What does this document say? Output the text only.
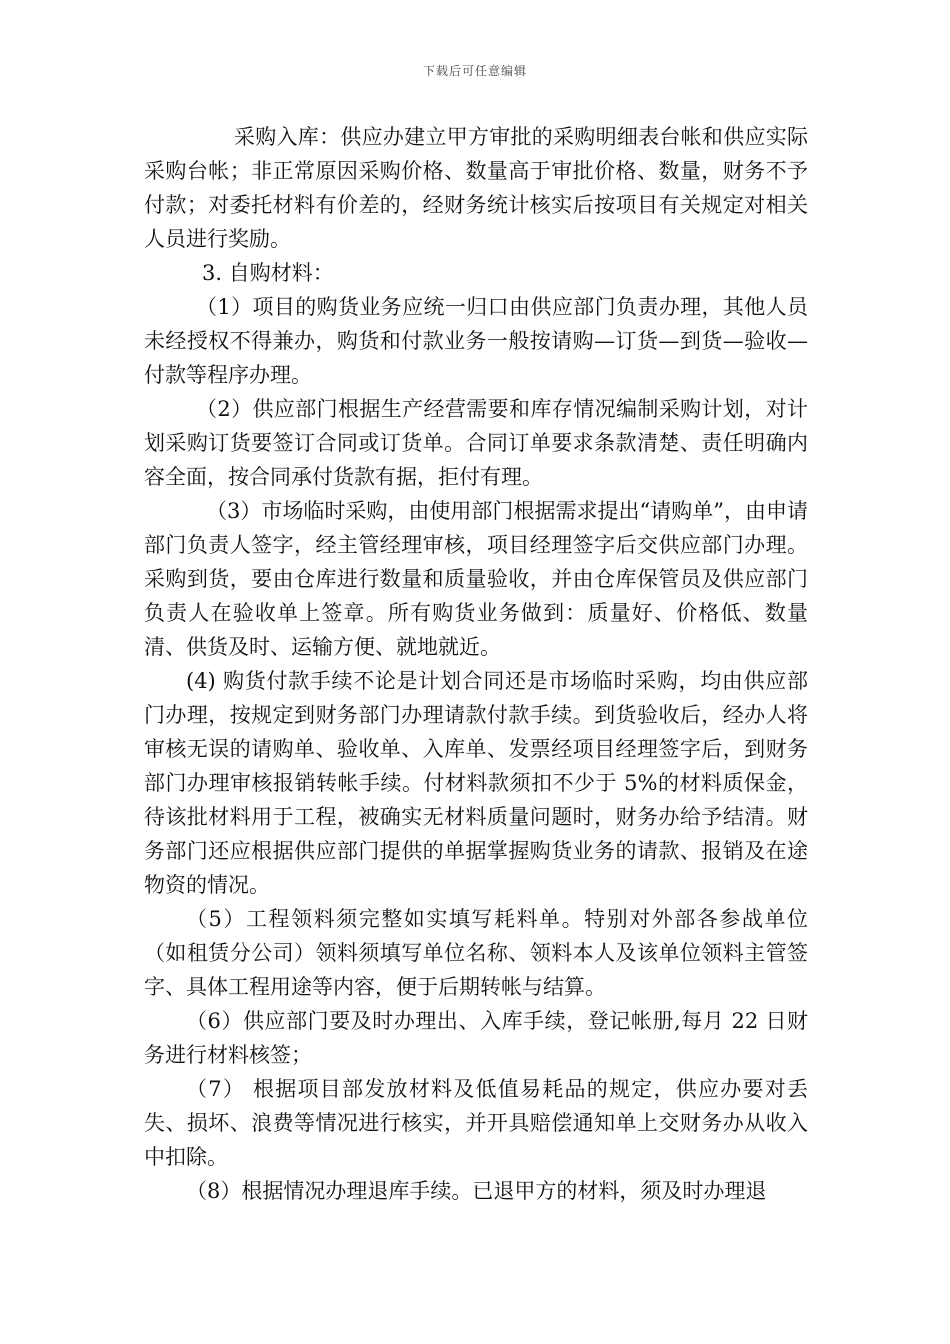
下载后可任意编辑

采购入库：供应办建立甲方审批的采购明细表台帐和供应实际采购台帐；非正常原因采购价格、数量高于审批价格、数量，财务不予付款；对委托材料有价差的，经财务统计核实后按项目有关规定对相关人员进行奖励。

3. 自购材料：

（1）项目的购货业务应统一归口由供应部门负责办理，其他人员未经授权不得兼办，购货和付款业务一般按请购—订货—到货—验收—付款等程序办理。

（2）供应部门根据生产经营需要和库存情况编制采购计划，对计划采购订货要签订合同或订货单。合同订单要求条款清楚、责任明确内容全面，按合同承付货款有据，拒付有理。

（3）市场临时采购，由使用部门根据需求提出“请购单”，由申请部门负责人签字，经主管经理审核，项目经理签字后交供应部门办理。采购到货，要由仓库进行数量和质量验收，并由仓库保管员及供应部门负责人在验收单上签章。所有购货业务做到：质量好、价格低、数量清、供货及时、运输方便、就地就近。

(4) 购货付款手续不论是计划合同还是市场临时采购，均由供应部门办理，按规定到财务部门办理请款付款手续。到货验收后，经办人将审核无误的请购单、验收单、入库单、发票经项目经理签字后，到财务部门办理审核报销转帐手续。付材料款须扣不少于 5%的材料质保金，待该批材料用于工程，被确实无材料质量问题时，财务办给予结清。财务部门还应根据供应部门提供的单据掌握购货业务的请款、报销及在途物资的情况。

（5）工程领料须完整如实填写耗料单。特别对外部各参战单位（如租赁分公司）领料须填写单位名称、领料本人及该单位领料主管签字、具体工程用途等内容，便于后期转帐与结算。

（6）供应部门要及时办理出、入库手续，登记帐册,每月 22 日财务进行材料核签；

（7） 根据项目部发放材料及低值易耗品的规定，供应办要对丢失、损坏、浪费等情况进行核实，并开具赔偿通知单上交财务办从收入中扣除。

（8）根据情况办理退库手续。已退甲方的材料，须及时办理退
